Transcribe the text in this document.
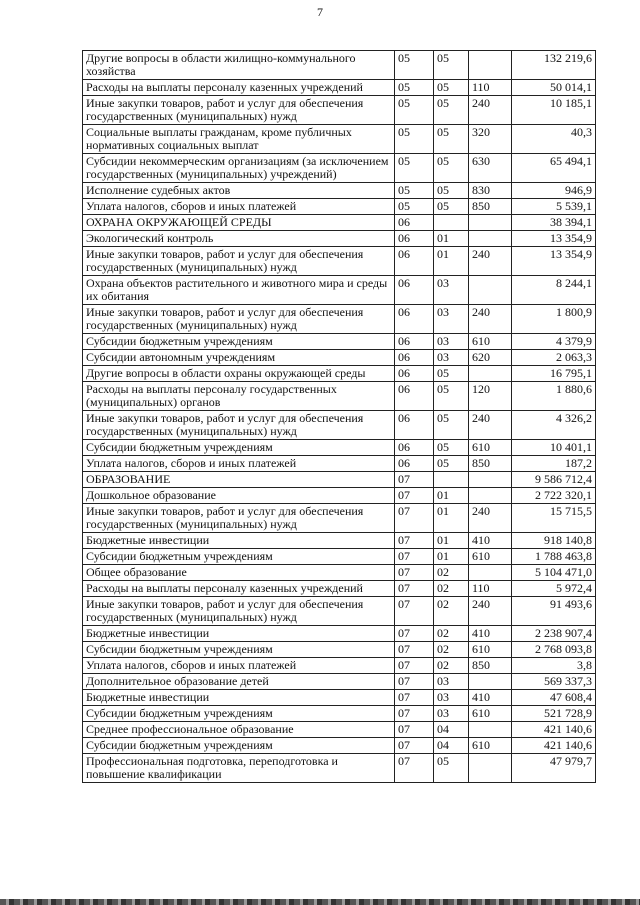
7
Другие вопросы в области жилищно-коммунального хозяйства	05	05		132 219,6
Расходы на выплаты персоналу казенных учреждений	05	05	110	50 014,1
Иные закупки товаров, работ и услуг для обеспечения государственных (муниципальных) нужд	05	05	240	10 185,1
Социальные выплаты гражданам, кроме публичных нормативных социальных выплат	05	05	320	40,3
Субсидии некоммерческим организациям (за исключением государственных (муниципальных) учреждений)	05	05	630	65 494,1
Исполнение судебных актов	05	05	830	946,9
Уплата налогов, сборов и иных платежей	05	05	850	5 539,1
ОХРАНА ОКРУЖАЮЩЕЙ СРЕДЫ	06			38 394,1
Экологический контроль	06	01		13 354,9
Иные закупки товаров, работ и услуг для обеспечения государственных (муниципальных) нужд	06	01	240	13 354,9
Охрана объектов растительного и животного мира и среды их обитания	06	03		8 244,1
Иные закупки товаров, работ и услуг для обеспечения государственных (муниципальных) нужд	06	03	240	1 800,9
Субсидии бюджетным учреждениям	06	03	610	4 379,9
Субсидии автономным учреждениям	06	03	620	2 063,3
Другие вопросы в области охраны окружающей среды	06	05		16 795,1
Расходы на выплаты персоналу государственных (муниципальных) органов	06	05	120	1 880,6
Иные закупки товаров, работ и услуг для обеспечения государственных (муниципальных) нужд	06	05	240	4 326,2
Субсидии бюджетным учреждениям	06	05	610	10 401,1
Уплата налогов, сборов и иных платежей	06	05	850	187,2
ОБРАЗОВАНИЕ	07			9 586 712,4
Дошкольное образование	07	01		2 722 320,1
Иные закупки товаров, работ и услуг для обеспечения государственных (муниципальных) нужд	07	01	240	15 715,5
Бюджетные инвестиции	07	01	410	918 140,8
Субсидии бюджетным учреждениям	07	01	610	1 788 463,8
Общее образование	07	02		5 104 471,0
Расходы на выплаты персоналу казенных учреждений	07	02	110	5 972,4
Иные закупки товаров, работ и услуг для обеспечения государственных (муниципальных) нужд	07	02	240	91 493,6
Бюджетные инвестиции	07	02	410	2 238 907,4
Субсидии бюджетным учреждениям	07	02	610	2 768 093,8
Уплата налогов, сборов и иных платежей	07	02	850	3,8
Дополнительное образование детей	07	03		569 337,3
Бюджетные инвестиции	07	03	410	47 608,4
Субсидии бюджетным учреждениям	07	03	610	521 728,9
Среднее профессиональное образование	07	04		421 140,6
Субсидии бюджетным учреждениям	07	04	610	421 140,6
Профессиональная подготовка, переподготовка и повышение квалификации	07	05		47 979,7
